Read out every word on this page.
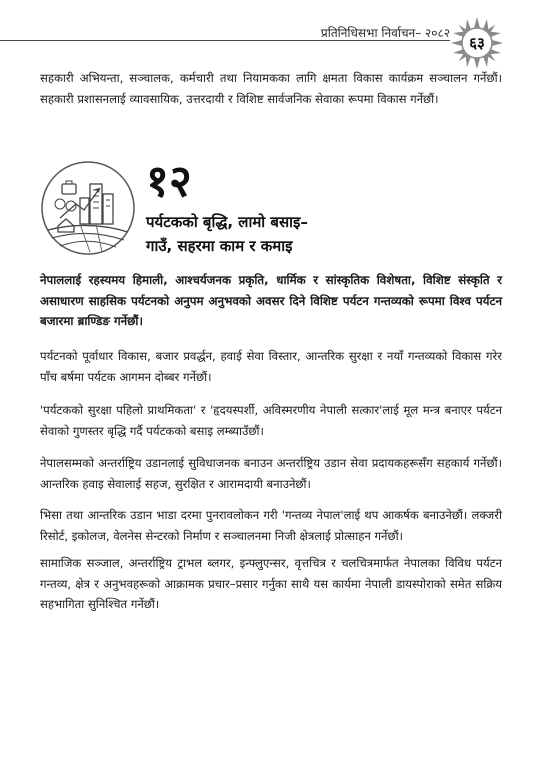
प्रतिनिधिसभा निर्वाचन– २०८२
६३

सहकारी अभियन्ता, सञ्चालक, कर्मचारी तथा नियामकका लागि क्षमता विकास कार्यक्रम सञ्चालन गर्नेछौं। सहकारी प्रशासनलाई व्यावसायिक, उत्तरदायी र विशिष्ट सार्वजनिक सेवाका रूपमा विकास गर्नेछौं।

१२
पर्यटकको बृद्धि, लामो बसाइ–
गाउँ, सहरमा काम र कमाइ

नेपाललाई रहस्यमय हिमाली, आश्चर्यजनक प्रकृति, धार्मिक र सांस्कृतिक विशेषता, विशिष्ट संस्कृति र असाधारण साहसिक पर्यटनको अनुपम अनुभवको अवसर दिने विशिष्ट पर्यटन गन्तव्यको रूपमा विश्व पर्यटन बजारमा ब्राण्डिङ गर्नेछौं।

पर्यटनको पूर्वाधार विकास, बजार प्रवर्द्धन, हवाई सेवा विस्तार, आन्तरिक सुरक्षा र नयाँ गन्तव्यको विकास गरेर पाँच बर्षमा पर्यटक आगमन दोब्बर गर्नेछौं।

'पर्यटकको सुरक्षा पहिलो प्राथमिकता' र 'हृदयस्पर्शी, अविस्मरणीय नेपाली सत्कार'लाई मूल मन्त्र बनाएर पर्यटन सेवाको गुणस्तर बृद्धि गर्दै पर्यटकको बसाइ लम्ब्याउँछौं।

नेपालसम्मको अन्तर्राष्ट्रिय उडानलाई सुविधाजनक बनाउन अन्तर्राष्ट्रिय उडान सेवा प्रदायकहरूसँग सहकार्य गर्नेछौं। आन्तरिक हवाइ सेवालाई सहज, सुरक्षित र आरामदायी बनाउनेछौं।

भिसा तथा आन्तरिक उडान भाडा दरमा पुनरावलोकन गरी 'गन्तव्य नेपाल'लाई थप आकर्षक बनाउनेछौं। लक्जरी रिसोर्ट, इकोलज, वेलनेस सेन्टरको निर्माण र सञ्चालनमा निजी क्षेत्रलाई प्रोत्साहन गर्नेछौं।

सामाजिक सञ्जाल, अन्तर्राष्ट्रिय ट्राभल ब्लगर, इन्फ्लुएन्सर, वृत्तचित्र र चलचित्रमार्फत नेपालका विविध पर्यटन गन्तव्य, क्षेत्र र अनुभवहरूको आक्रामक प्रचार–प्रसार गर्नुका साथै यस कार्यमा नेपाली डायस्पोराको समेत सक्रिय सहभागिता सुनिश्चित गर्नेछौं।
